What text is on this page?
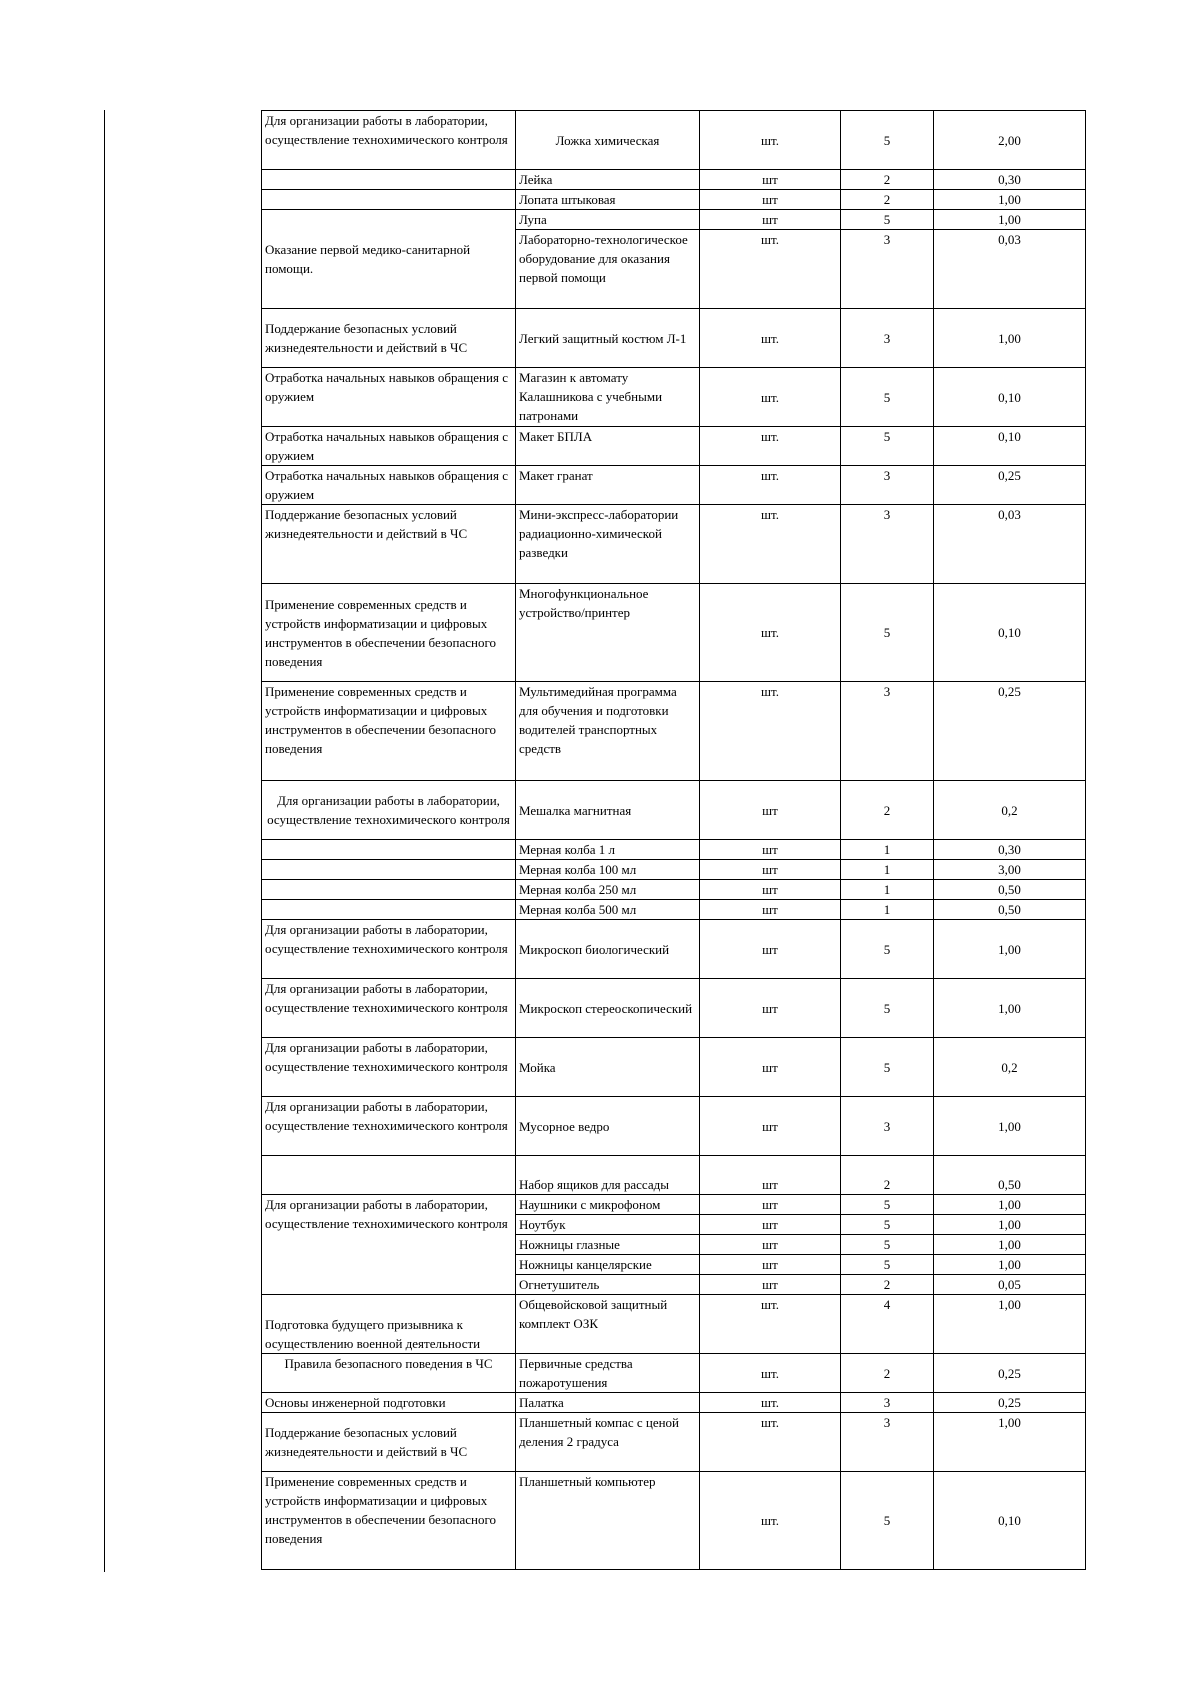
Для организации работы в лаборатории, осуществление технохимического контроля	Ложка химическая	шт.	5	2,00
	Лейка	шт	2	0,30
	Лопата штыковая	шт	2	1,00
Оказание первой медико-санитарной помощи.	Лупа	шт	5	1,00
	Лабораторно-технологическое оборудование для оказания первой помощи	шт.	3	0,03
Поддержание безопасных условий жизнедеятельности и действий в ЧС	Легкий защитный костюм Л-1	шт.	3	1,00
Отработка начальных навыков обращения с оружием	Магазин к автомату Калашникова с учебными патронами	шт.	5	0,10
Отработка начальных навыков обращения с оружием	Макет БПЛА	шт.	5	0,10
Отработка начальных навыков обращения с оружием	Макет гранат	шт.	3	0,25
Поддержание безопасных условий жизнедеятельности и действий в ЧС	Мини-экспресс-лаборатории радиационно-химической разведки	шт.	3	0,03
Применение современных средств и устройств информатизации и цифровых инструментов в обеспечении безопасного поведения	Многофункциональное устройство/принтер	шт.	5	0,10
Применение современных средств и устройств информатизации и цифровых инструментов в обеспечении безопасного поведения	Мультимедийная программа для обучения и подготовки водителей транспортных средств	шт.	3	0,25
Для организации работы в лаборатории, осуществление технохимического контроля	Мешалка магнитная	шт	2	0,2
	Мерная колба 1 л	шт	1	0,30
	Мерная колба 100 мл	шт	1	3,00
	Мерная колба 250 мл	шт	1	0,50
	Мерная колба 500 мл	шт	1	0,50
Для организации работы в лаборатории, осуществление технохимического контроля	Микроскоп биологический	шт	5	1,00
Для организации работы в лаборатории, осуществление технохимического контроля	Микроскоп стереоскопический	шт	5	1,00
Для организации работы в лаборатории, осуществление технохимического контроля	Мойка	шт	5	0,2
Для организации работы в лаборатории, осуществление технохимического контроля	Мусорное ведро	шт	3	1,00
	Набор ящиков для рассады	шт	2	0,50
Для организации работы в лаборатории, осуществление технохимического контроля	Наушники с микрофоном	шт	5	1,00
	Ноутбук	шт	5	1,00
	Ножницы глазные	шт	5	1,00
	Ножницы канцелярские	шт	5	1,00
	Огнетушитель	шт	2	0,05
Подготовка будущего призывника к осуществлению военной деятельности	Общевойсковой защитный комплект ОЗК	шт.	4	1,00
Правила безопасного поведения в ЧС	Первичные средства пожаротушения	шт.	2	0,25
Основы инженерной подготовки	Палатка	шт.	3	0,25
Поддержание безопасных условий жизнедеятельности и действий в ЧС	Планшетный компас с ценой деления 2 градуса	шт.	3	1,00
Применение современных средств и устройств информатизации и цифровых инструментов в обеспечении безопасного поведения	Планшетный компьютер	шт.	5	0,10
